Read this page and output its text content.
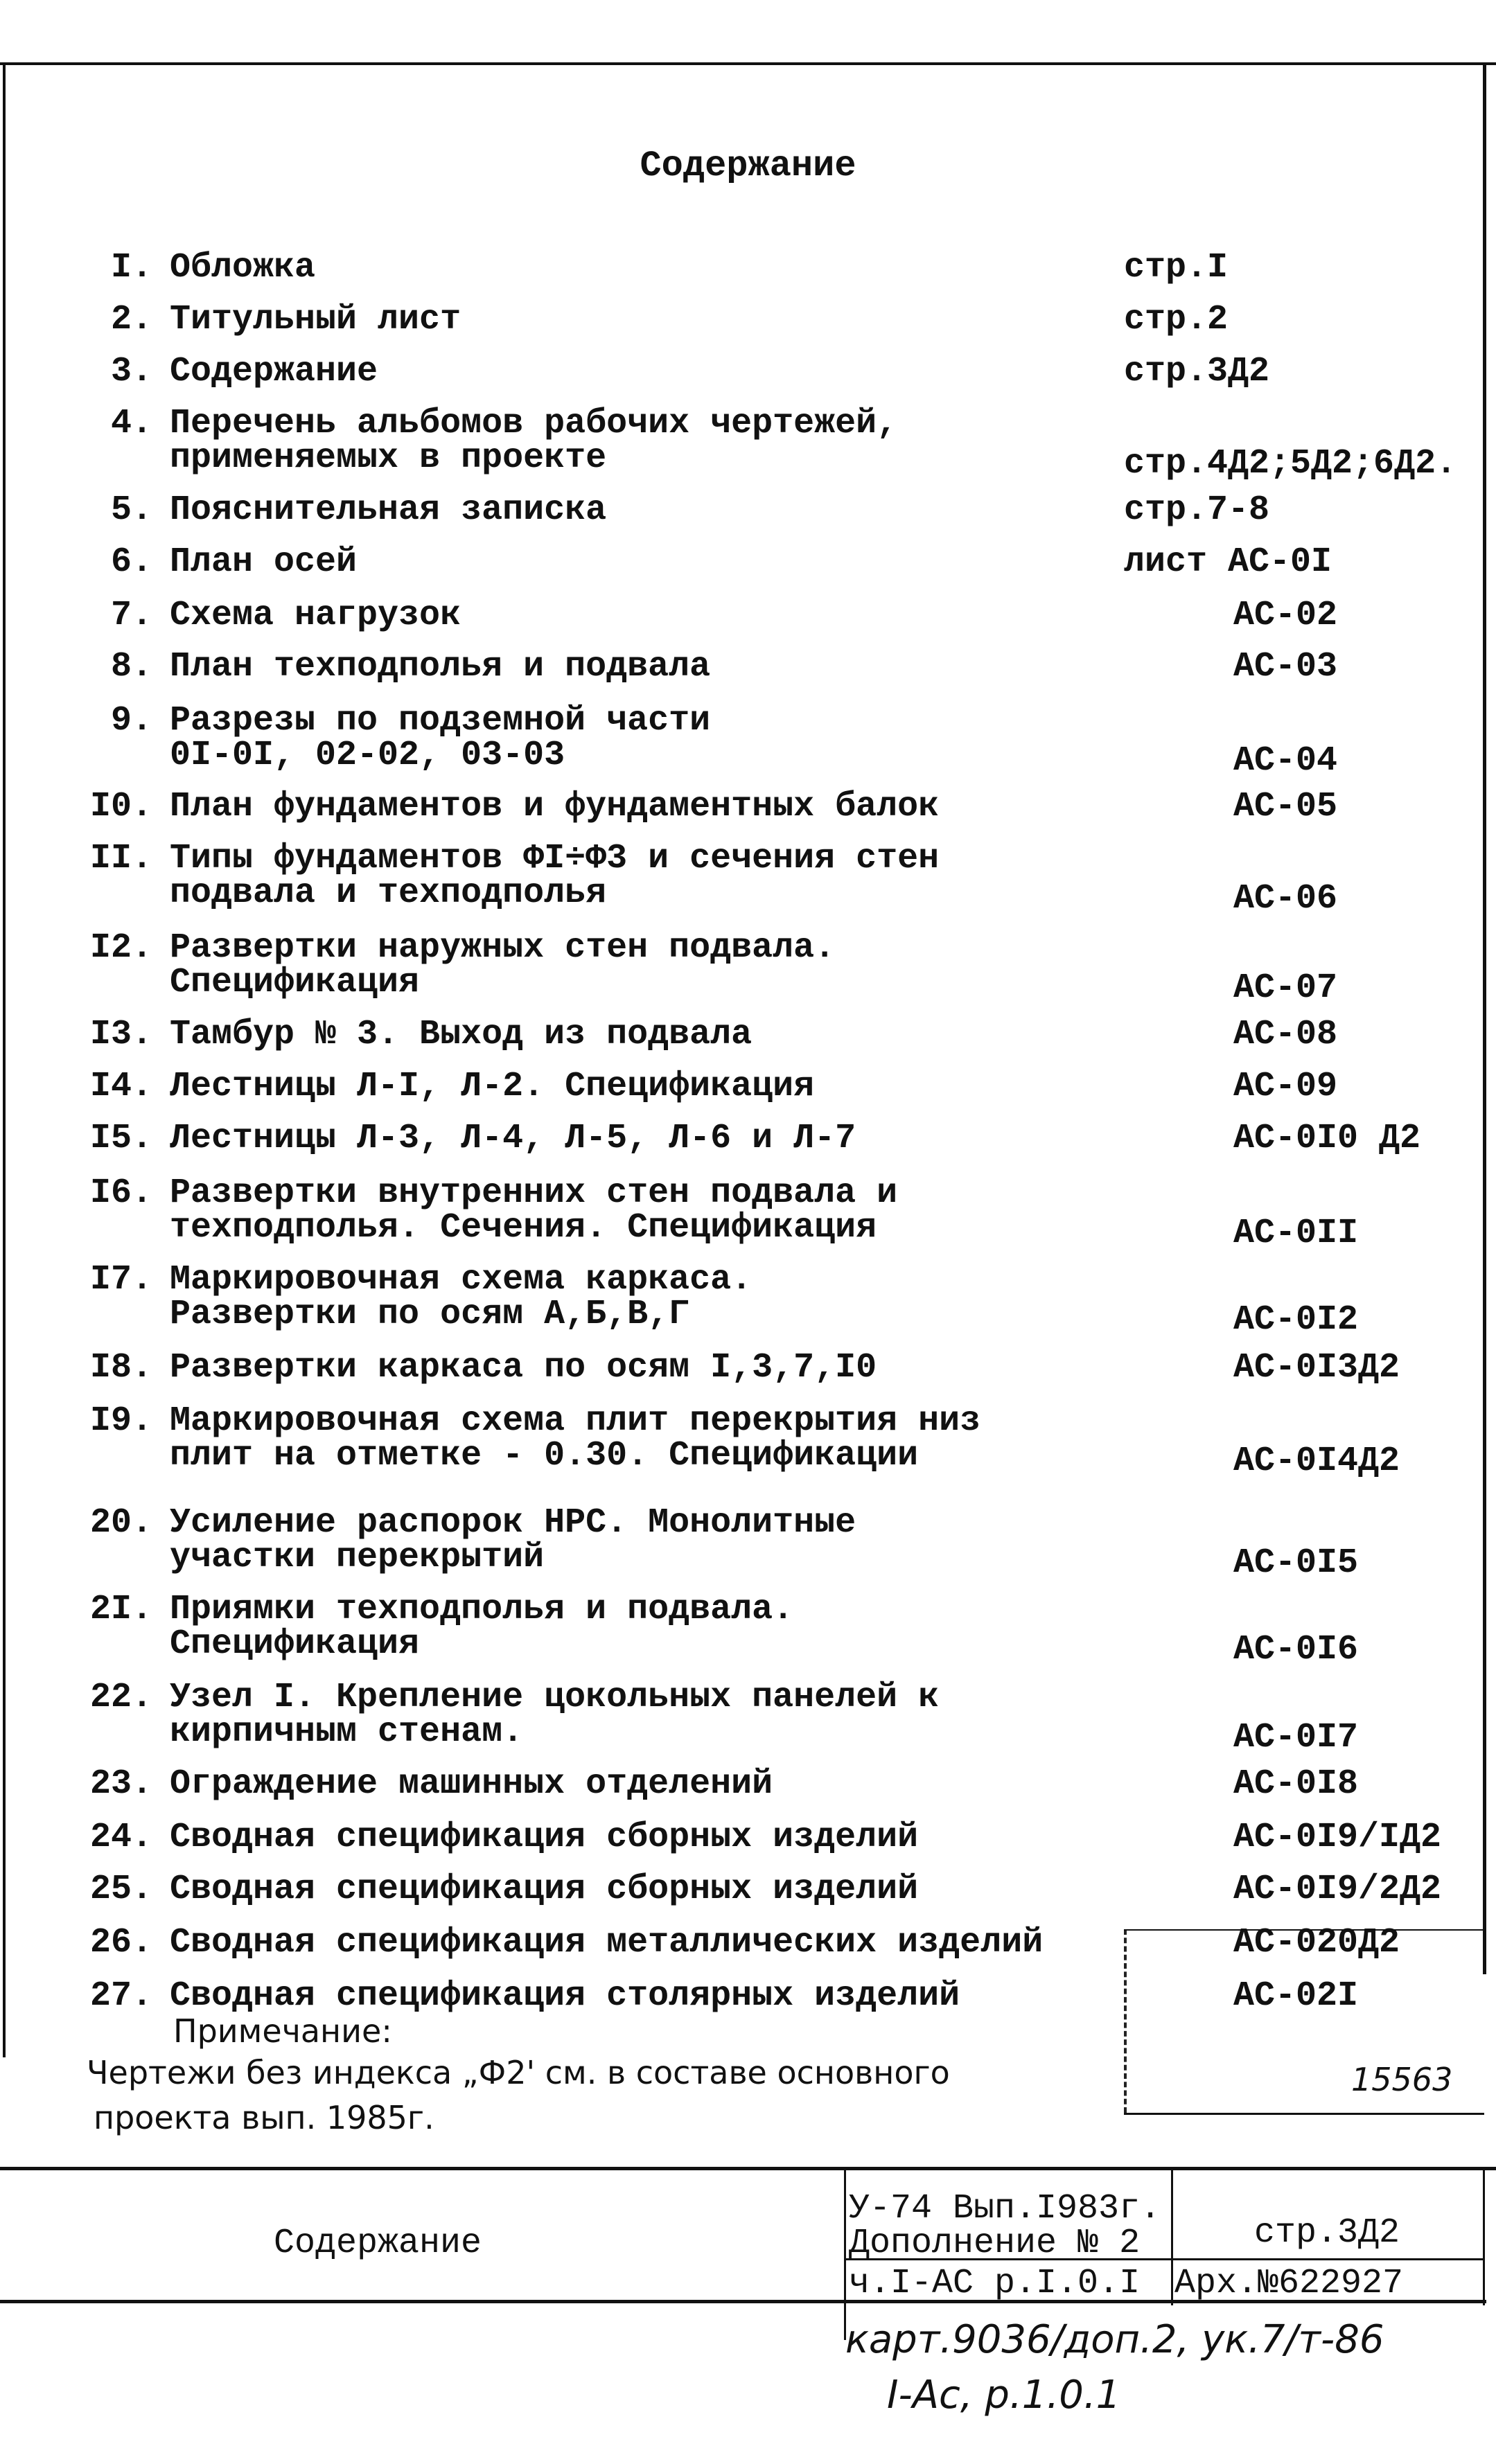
Содержание
I. Обложка	стр.I
2. Титульный лист	стр.2
3. Содержание	стр.3Д2
4. Перечень альбомов рабочих чертежей,
применяемых в проекте	стр.4Д2;5Д2;6Д2.
5. Пояснительная записка	стр.7-8
6. План осей	лист АС-0I
7. Схема нагрузок	АС-02
8. План техподполья и подвала	АС-03
9. Разрезы по подземной части
0I-0I, 02-02, 03-03	АС-04
I0. План фундаментов и фундаментных балок	АС-05
II. Типы фундаментов ФI÷Ф3 и сечения стен
подвала и техподполья	АС-06
I2. Развертки наружных стен подвала.
Спецификация	АС-07
I3. Тамбур № 3. Выход из подвала	АС-08
I4. Лестницы Л-I, Л-2. Спецификация	АС-09
I5. Лестницы Л-3, Л-4, Л-5, Л-6 и Л-7	АС-0I0 Д2
I6. Развертки внутренних стен подвала и
техподполья. Сечения. Спецификация	АС-0II
I7. Маркировочная схема каркаса.
Развертки по осям А,Б,В,Г	АС-0I2
I8. Развертки каркаса по осям I,3,7,I0	АС-0I3Д2
I9. Маркировочная схема плит перекрытия низ
плит на отметке - 0.30. Спецификации	АС-0I4Д2
20. Усиление распорок НРС. Монолитные
участки перекрытий	АС-0I5
2I. Приямки техподполья и подвала.
Спецификация	АС-0I6
22. Узел I. Крепление цокольных панелей к
кирпичным стенам.	АС-0I7
23. Ограждение машинных отделений	АС-0I8
24. Сводная спецификация сборных изделий	АС-0I9/IД2
25. Сводная спецификация сборных изделий	АС-0I9/2Д2
26. Сводная спецификация металлических изделий	АС-020Д2
27. Сводная спецификация столярных изделий	АС-02I
Примечание:
Чертежи без индекса „Ф2' см. в составе основного
проекта вып. 1985г.
15563
Содержание
У-74 Вып.I983г.
Дополнение № 2
ч.I-АС р.I.0.I
стр.3Д2
Арх.№622927
карт.9036/доп.2, ук.7/т-86
I-Ас, р.1.0.1
